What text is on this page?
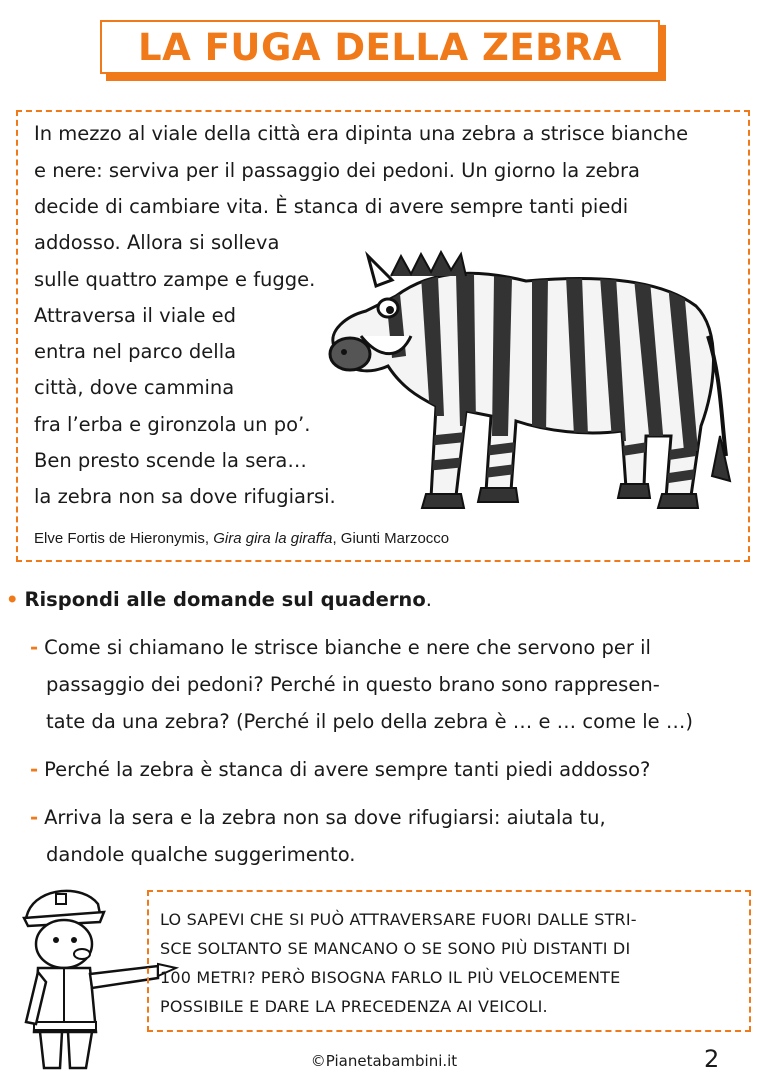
LA FUGA DELLA ZEBRA
In mezzo al viale della città era dipinta una zebra a strisce bianche
e nere: serviva per il passaggio dei pedoni. Un giorno la zebra
decide di cambiare vita. È stanca di avere sempre tanti piedi
addosso. Allora si solleva
sulle quattro zampe e fugge.
Attraversa il viale ed
entra nel parco della
città, dove cammina
fra l’erba e gironzola un po’.
Ben presto scende la sera…
la zebra non sa dove rifugiarsi.
Elve Fortis de Hieronymis, Gira gira la giraffa, Giunti Marzocco
• Rispondi alle domande sul quaderno.
- Come si chiamano le strisce bianche e nere che servono per il
passaggio dei pedoni? Perché in questo brano sono rappresen-
tate da una zebra? (Perché il pelo della zebra è … e … come le …)
- Perché la zebra è stanca di avere sempre tanti piedi addosso?
- Arriva la sera e la zebra non sa dove rifugiarsi: aiutala tu,
dandole qualche suggerimento.
LO SAPEVI CHE SI PUÒ ATTRAVERSARE FUORI DALLE STRI-
SCE SOLTANTO SE MANCANO O SE SONO PIÙ DISTANTI DI
100 METRI? PERÒ BISOGNA FARLO IL PIÙ VELOCEMENTE
POSSIBILE E DARE LA PRECEDENZA AI VEICOLI.
©Pianetabambini.it	2
